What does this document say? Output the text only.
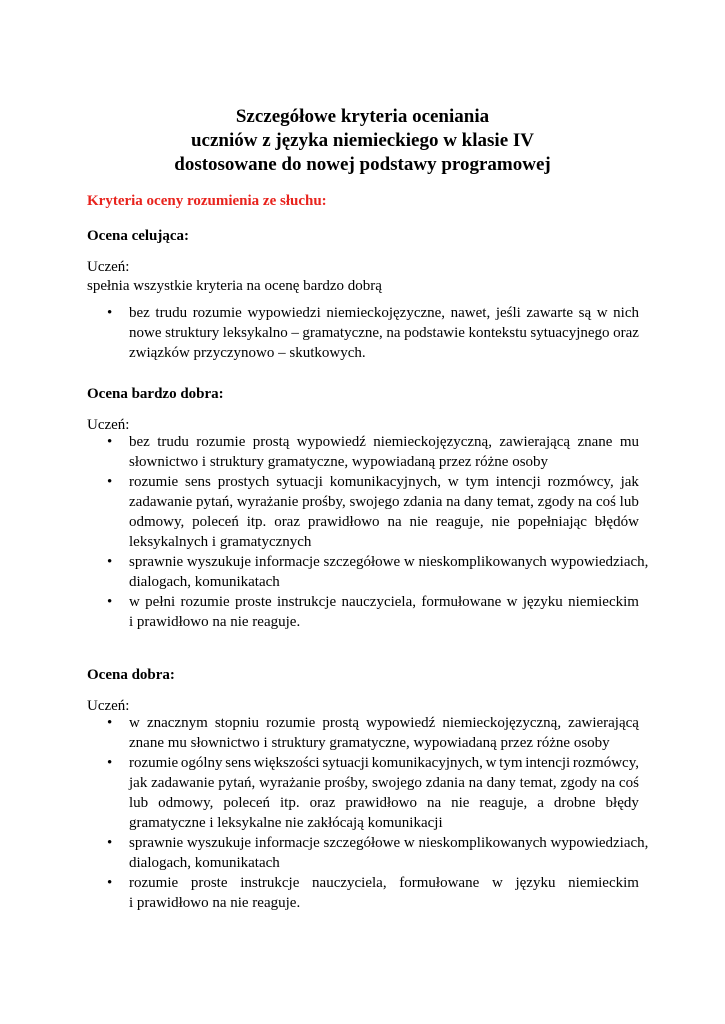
Szczegółowe kryteria oceniania
uczniów z języka niemieckiego w klasie IV
dostosowane do nowej podstawy programowej
Kryteria oceny rozumienia ze słuchu:
Ocena celująca:
Uczeń:
spełnia wszystkie kryteria na ocenę bardzo dobrą
•	bez trudu rozumie wypowiedzi niemieckojęzyczne, nawet, jeśli zawarte są w nich
nowe struktury leksykalno – gramatyczne, na podstawie kontekstu sytuacyjnego oraz
związków przyczynowo – skutkowych.
Ocena bardzo dobra:
Uczeń:
•	bez trudu rozumie prostą wypowiedź niemieckojęzyczną, zawierającą znane mu
słownictwo i struktury gramatyczne, wypowiadaną przez różne osoby
•	rozumie sens prostych sytuacji komunikacyjnych, w tym intencji rozmówcy, jak
zadawanie pytań, wyrażanie prośby, swojego zdania na dany temat, zgody na coś lub
odmowy, poleceń itp. oraz prawidłowo na nie reaguje, nie popełniając błędów
leksykalnych i gramatycznych
•	sprawnie wyszukuje informacje szczegółowe w nieskomplikowanych wypowiedziach,
dialogach, komunikatach
•	w pełni rozumie proste instrukcje nauczyciela, formułowane w języku niemieckim
i prawidłowo na nie reaguje.
Ocena dobra:
Uczeń:
•	w znacznym stopniu rozumie prostą wypowiedź niemieckojęzyczną, zawierającą
znane mu słownictwo i struktury gramatyczne, wypowiadaną przez różne osoby
•	rozumie ogólny sens większości sytuacji komunikacyjnych, w tym intencji rozmówcy,
jak zadawanie pytań, wyrażanie prośby, swojego zdania na dany temat, zgody na coś
lub odmowy, poleceń itp. oraz prawidłowo na nie reaguje, a drobne błędy
gramatyczne i leksykalne nie zakłócają komunikacji
•	sprawnie wyszukuje informacje szczegółowe w nieskomplikowanych wypowiedziach,
dialogach, komunikatach
•	rozumie proste instrukcje nauczyciela, formułowane w języku niemieckim
i prawidłowo na nie reaguje.
